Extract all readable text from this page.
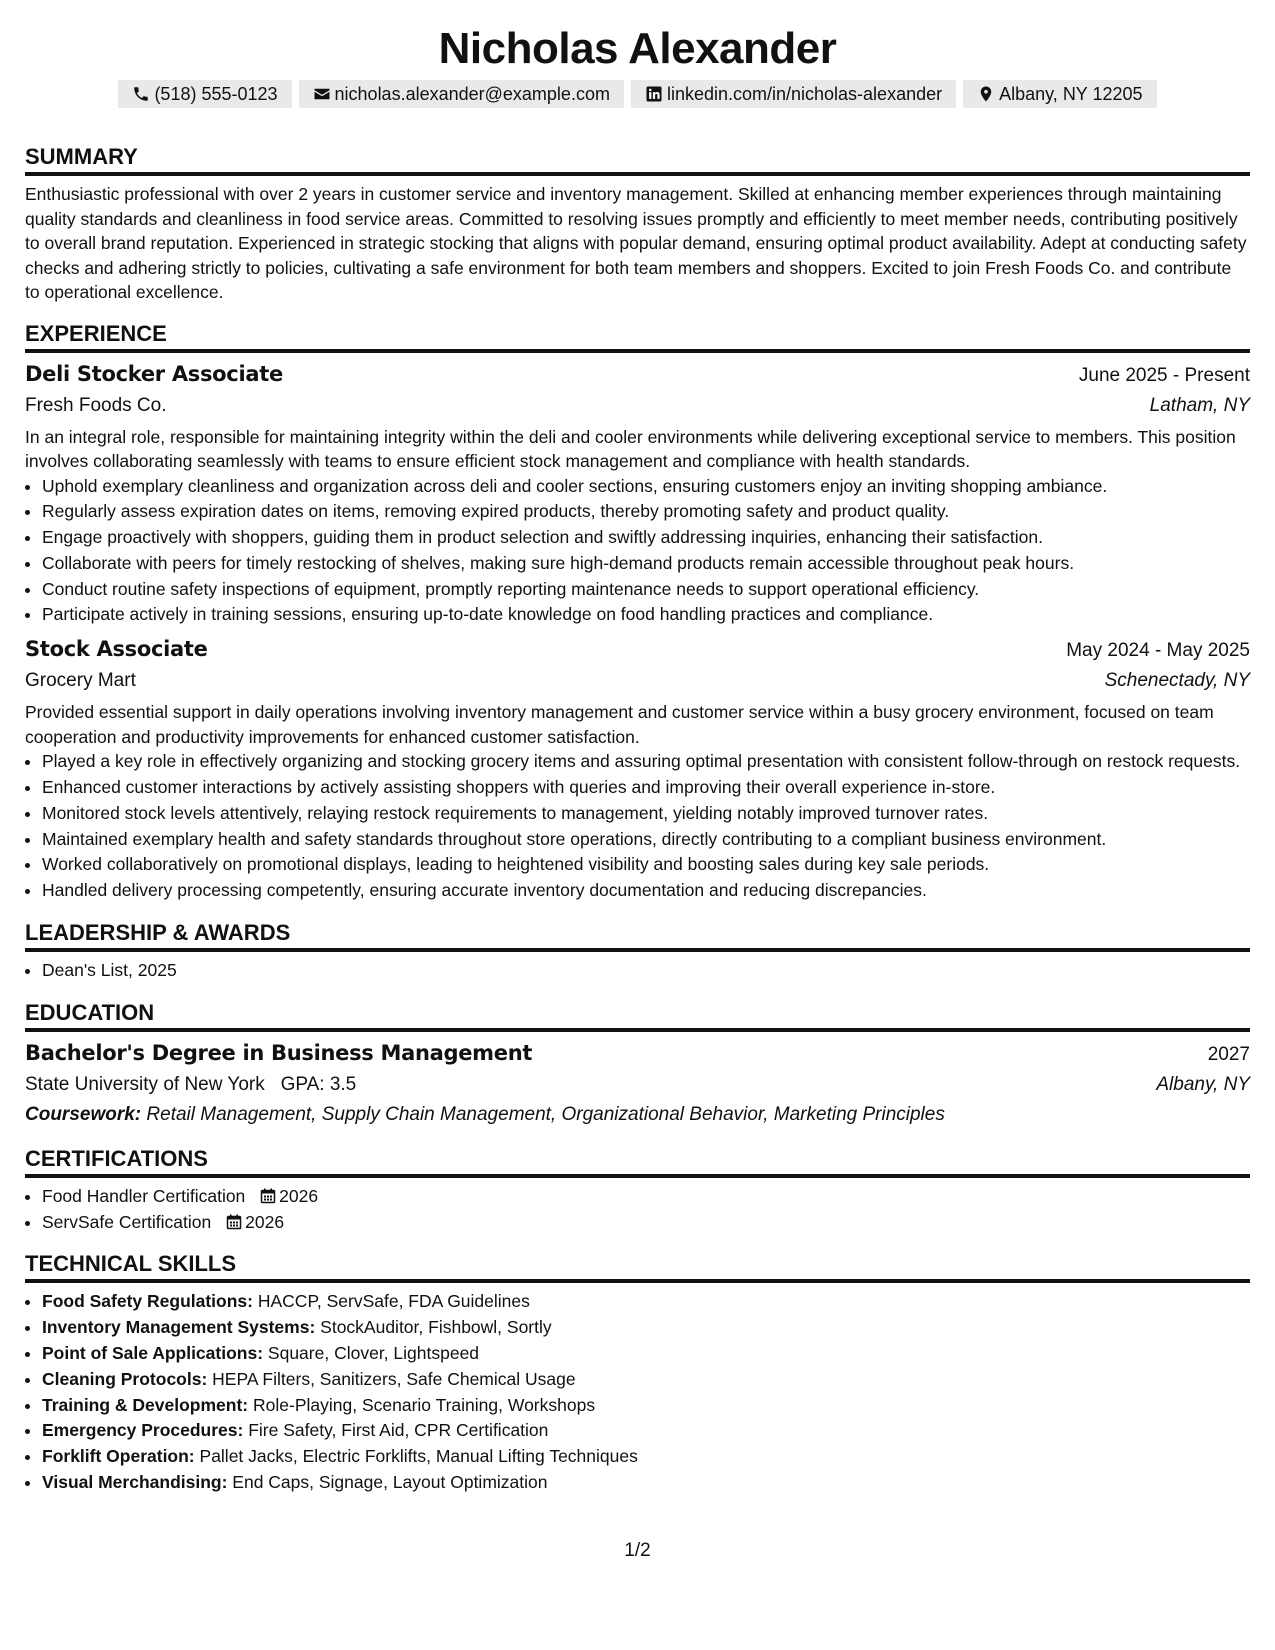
Nicholas Alexander
(518) 555-0123	nicholas.alexander@example.com	linkedin.com/in/nicholas-alexander	Albany, NY 12205
SUMMARY

Enthusiastic professional with over 2 years in customer service and inventory management. Skilled at enhancing member experiences through maintaining quality standards and cleanliness in food service areas. Committed to resolving issues promptly and efficiently to meet member needs, contributing positively to overall brand reputation. Experienced in strategic stocking that aligns with popular demand, ensuring optimal product availability. Adept at conducting safety checks and adhering strictly to policies, cultivating a safe environment for both team members and shoppers. Excited to join Fresh Foods Co. and contribute to operational excellence.

EXPERIENCE
Deli Stocker Associate	June 2025 - Present
Fresh Foods Co.	Latham, NY

In an integral role, responsible for maintaining integrity within the deli and cooler environments while delivering exceptional service to members. This position involves collaborating seamlessly with teams to ensure efficient stock management and compliance with health standards.

• Uphold exemplary cleanliness and organization across deli and cooler sections, ensuring customers enjoy an inviting shopping ambiance.
• Regularly assess expiration dates on items, removing expired products, thereby promoting safety and product quality.
• Engage proactively with shoppers, guiding them in product selection and swiftly addressing inquiries, enhancing their satisfaction.
• Collaborate with peers for timely restocking of shelves, making sure high-demand products remain accessible throughout peak hours.
• Conduct routine safety inspections of equipment, promptly reporting maintenance needs to support operational efficiency.
• Participate actively in training sessions, ensuring up-to-date knowledge on food handling practices and compliance.
Stock Associate	May 2024 - May 2025
Grocery Mart	Schenectady, NY

Provided essential support in daily operations involving inventory management and customer service within a busy grocery environment, focused on team cooperation and productivity improvements for enhanced customer satisfaction.

• Played a key role in effectively organizing and stocking grocery items and assuring optimal presentation with consistent follow-through on restock requests.
• Enhanced customer interactions by actively assisting shoppers with queries and improving their overall experience in-store.
• Monitored stock levels attentively, relaying restock requirements to management, yielding notably improved turnover rates.
• Maintained exemplary health and safety standards throughout store operations, directly contributing to a compliant business environment.
• Worked collaboratively on promotional displays, leading to heightened visibility and boosting sales during key sale periods.
• Handled delivery processing competently, ensuring accurate inventory documentation and reducing discrepancies.
LEADERSHIP & AWARDS
• Dean's List, 2025
EDUCATION
Bachelor's Degree in Business Management	2027
State University of New York GPA: 3.5	Albany, NY
Coursework: Retail Management, Supply Chain Management, Organizational Behavior, Marketing Principles
CERTIFICATIONS
• Food Handler Certification 2026
• ServSafe Certification 2026
TECHNICAL SKILLS
• Food Safety Regulations: HACCP, ServSafe, FDA Guidelines
• Inventory Management Systems: StockAuditor, Fishbowl, Sortly
• Point of Sale Applications: Square, Clover, Lightspeed
• Cleaning Protocols: HEPA Filters, Sanitizers, Safe Chemical Usage
• Training & Development: Role-Playing, Scenario Training, Workshops
• Emergency Procedures: Fire Safety, First Aid, CPR Certification
• Forklift Operation: Pallet Jacks, Electric Forklifts, Manual Lifting Techniques
• Visual Merchandising: End Caps, Signage, Layout Optimization
1/2
